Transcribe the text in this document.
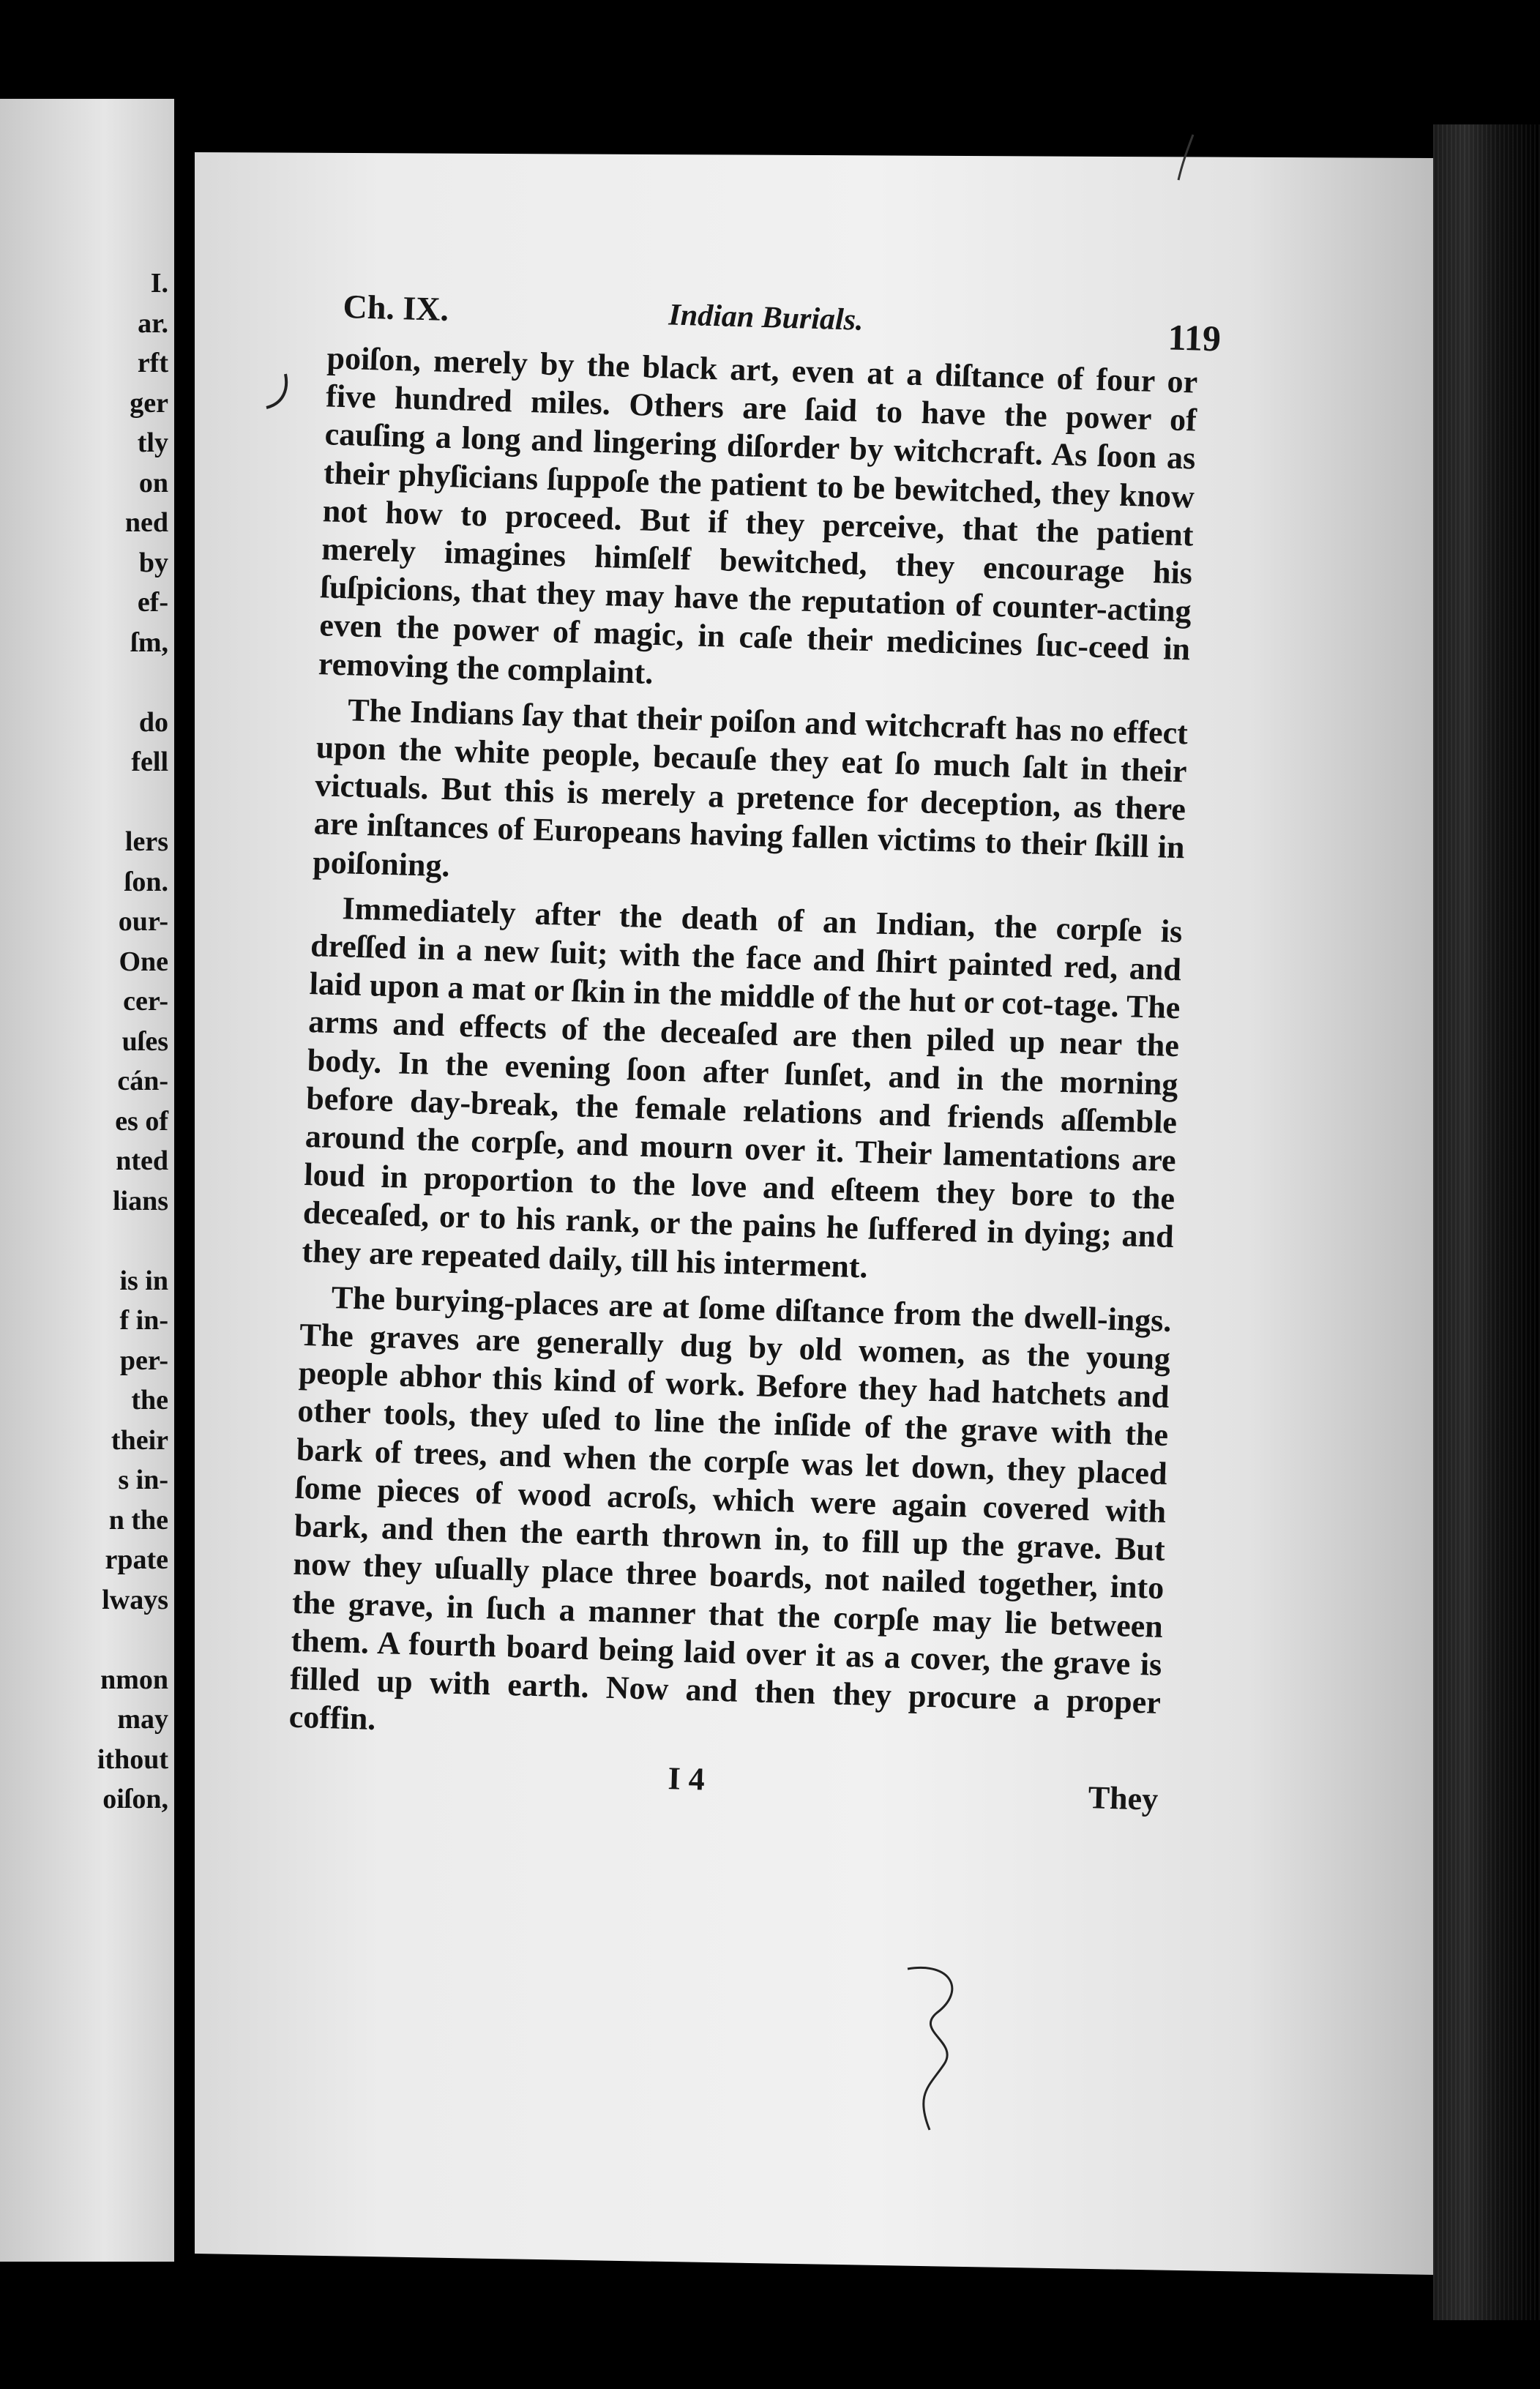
I.
ar.
rft
ger
tly
on
ned
by
ef-
ſm,
do
fell
lers
ſon.
our-
One
cer-
uſes
cán-
es of
nted
lians
is in
f in-
per-
the
their
s in-
n the
rpate
lways
nmon
may
ithout
oiſon,
Ch. IX.	Indian Burials.	119

poiſon, merely by the black art, even at a diſtance of four or five hundred miles. Others are ſaid to have the power of cauſing a long and lingering diſorder by witchcraft. As ſoon as their phyſicians ſuppoſe the patient to be bewitched, they know not how to proceed. But if they perceive, that the patient merely imagines himſelf bewitched, they encourage his ſuſpicions, that they may have the reputation of counter-acting even the power of magic, in caſe their medicines ſuc-ceed in removing the complaint.

The Indians ſay that their poiſon and witchcraft has no effect upon the white people, becauſe they eat ſo much ſalt in their victuals. But this is merely a pretence for deception, as there are inſtances of Europeans having fallen victims to their ſkill in poiſoning.

Immediately after the death of an Indian, the corpſe is dreſſed in a new ſuit; with the face and ſhirt painted red, and laid upon a mat or ſkin in the middle of the hut or cot-tage. The arms and effects of the deceaſed are then piled up near the body. In the evening ſoon after ſunſet, and in the morning before day-break, the female relations and friends aſſemble around the corpſe, and mourn over it. Their lamentations are loud in proportion to the love and eſteem they bore to the deceaſed, or to his rank, or the pains he ſuffered in dying; and they are repeated daily, till his interment.

The burying-places are at ſome diſtance from the dwell-ings. The graves are generally dug by old women, as the young people abhor this kind of work. Before they had hatchets and other tools, they uſed to line the inſide of the grave with the bark of trees, and when the corpſe was let down, they placed ſome pieces of wood acroſs, which were again covered with bark, and then the earth thrown in, to fill up the grave. But now they uſually place three boards, not nailed together, into the grave, in ſuch a manner that the corpſe may lie between them. A fourth board being laid over it as a cover, the grave is filled up with earth. Now and then they procure a proper coffin.

I 4
They
